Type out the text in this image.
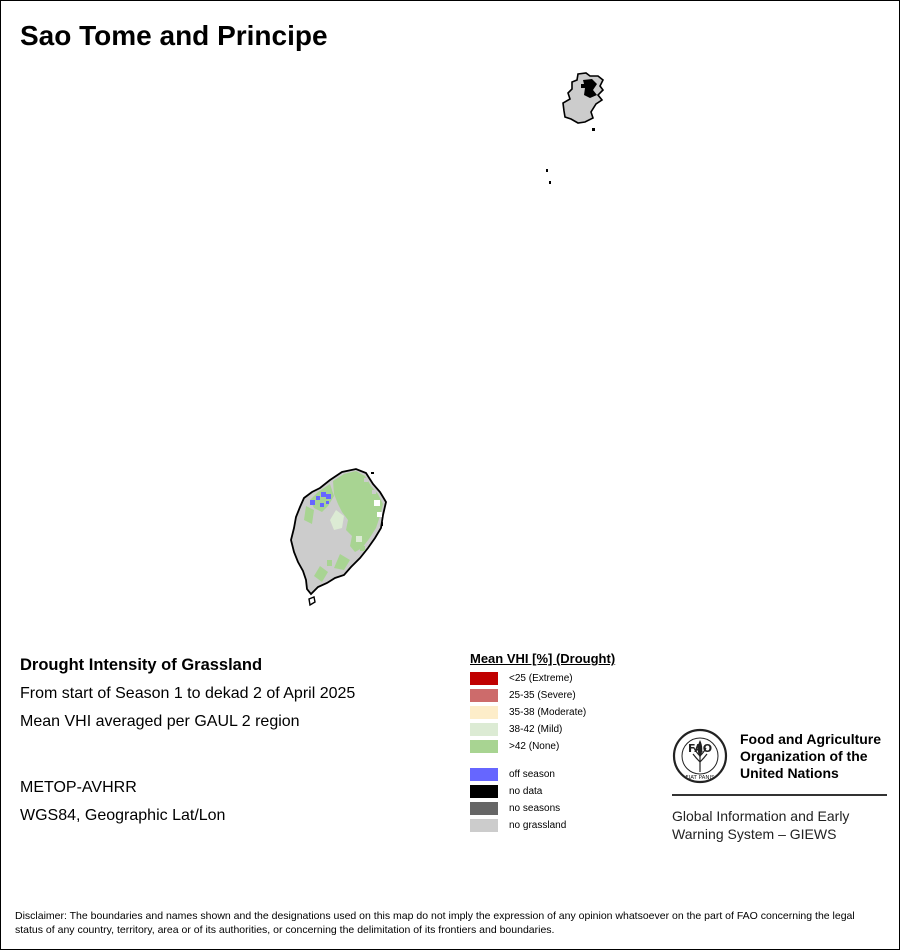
Sao Tome and Principe
Drought Intensity of Grassland
From start of Season 1 to dekad 2 of April 2025
Mean VHI averaged per GAUL 2 region
METOP-AVHRR
WGS84, Geographic Lat/Lon
Mean VHI [%] (Drought)
<25 (Extreme)
25-35 (Severe)
35-38 (Moderate)
38-42 (Mild)
>42 (None)
off season
no data
no seasons
no grassland
FAO
FIAT PANIS
Food and Agriculture
Organization of the
United Nations
Global Information and Early
Warning System – GIEWS
Disclaimer: The boundaries and names shown and the designations used on this map do not imply the expression of any opinion whatsoever on the part of FAO concerning the legal status of any country, territory, area or of its authorities, or concerning the delimitation of its frontiers and boundaries.
